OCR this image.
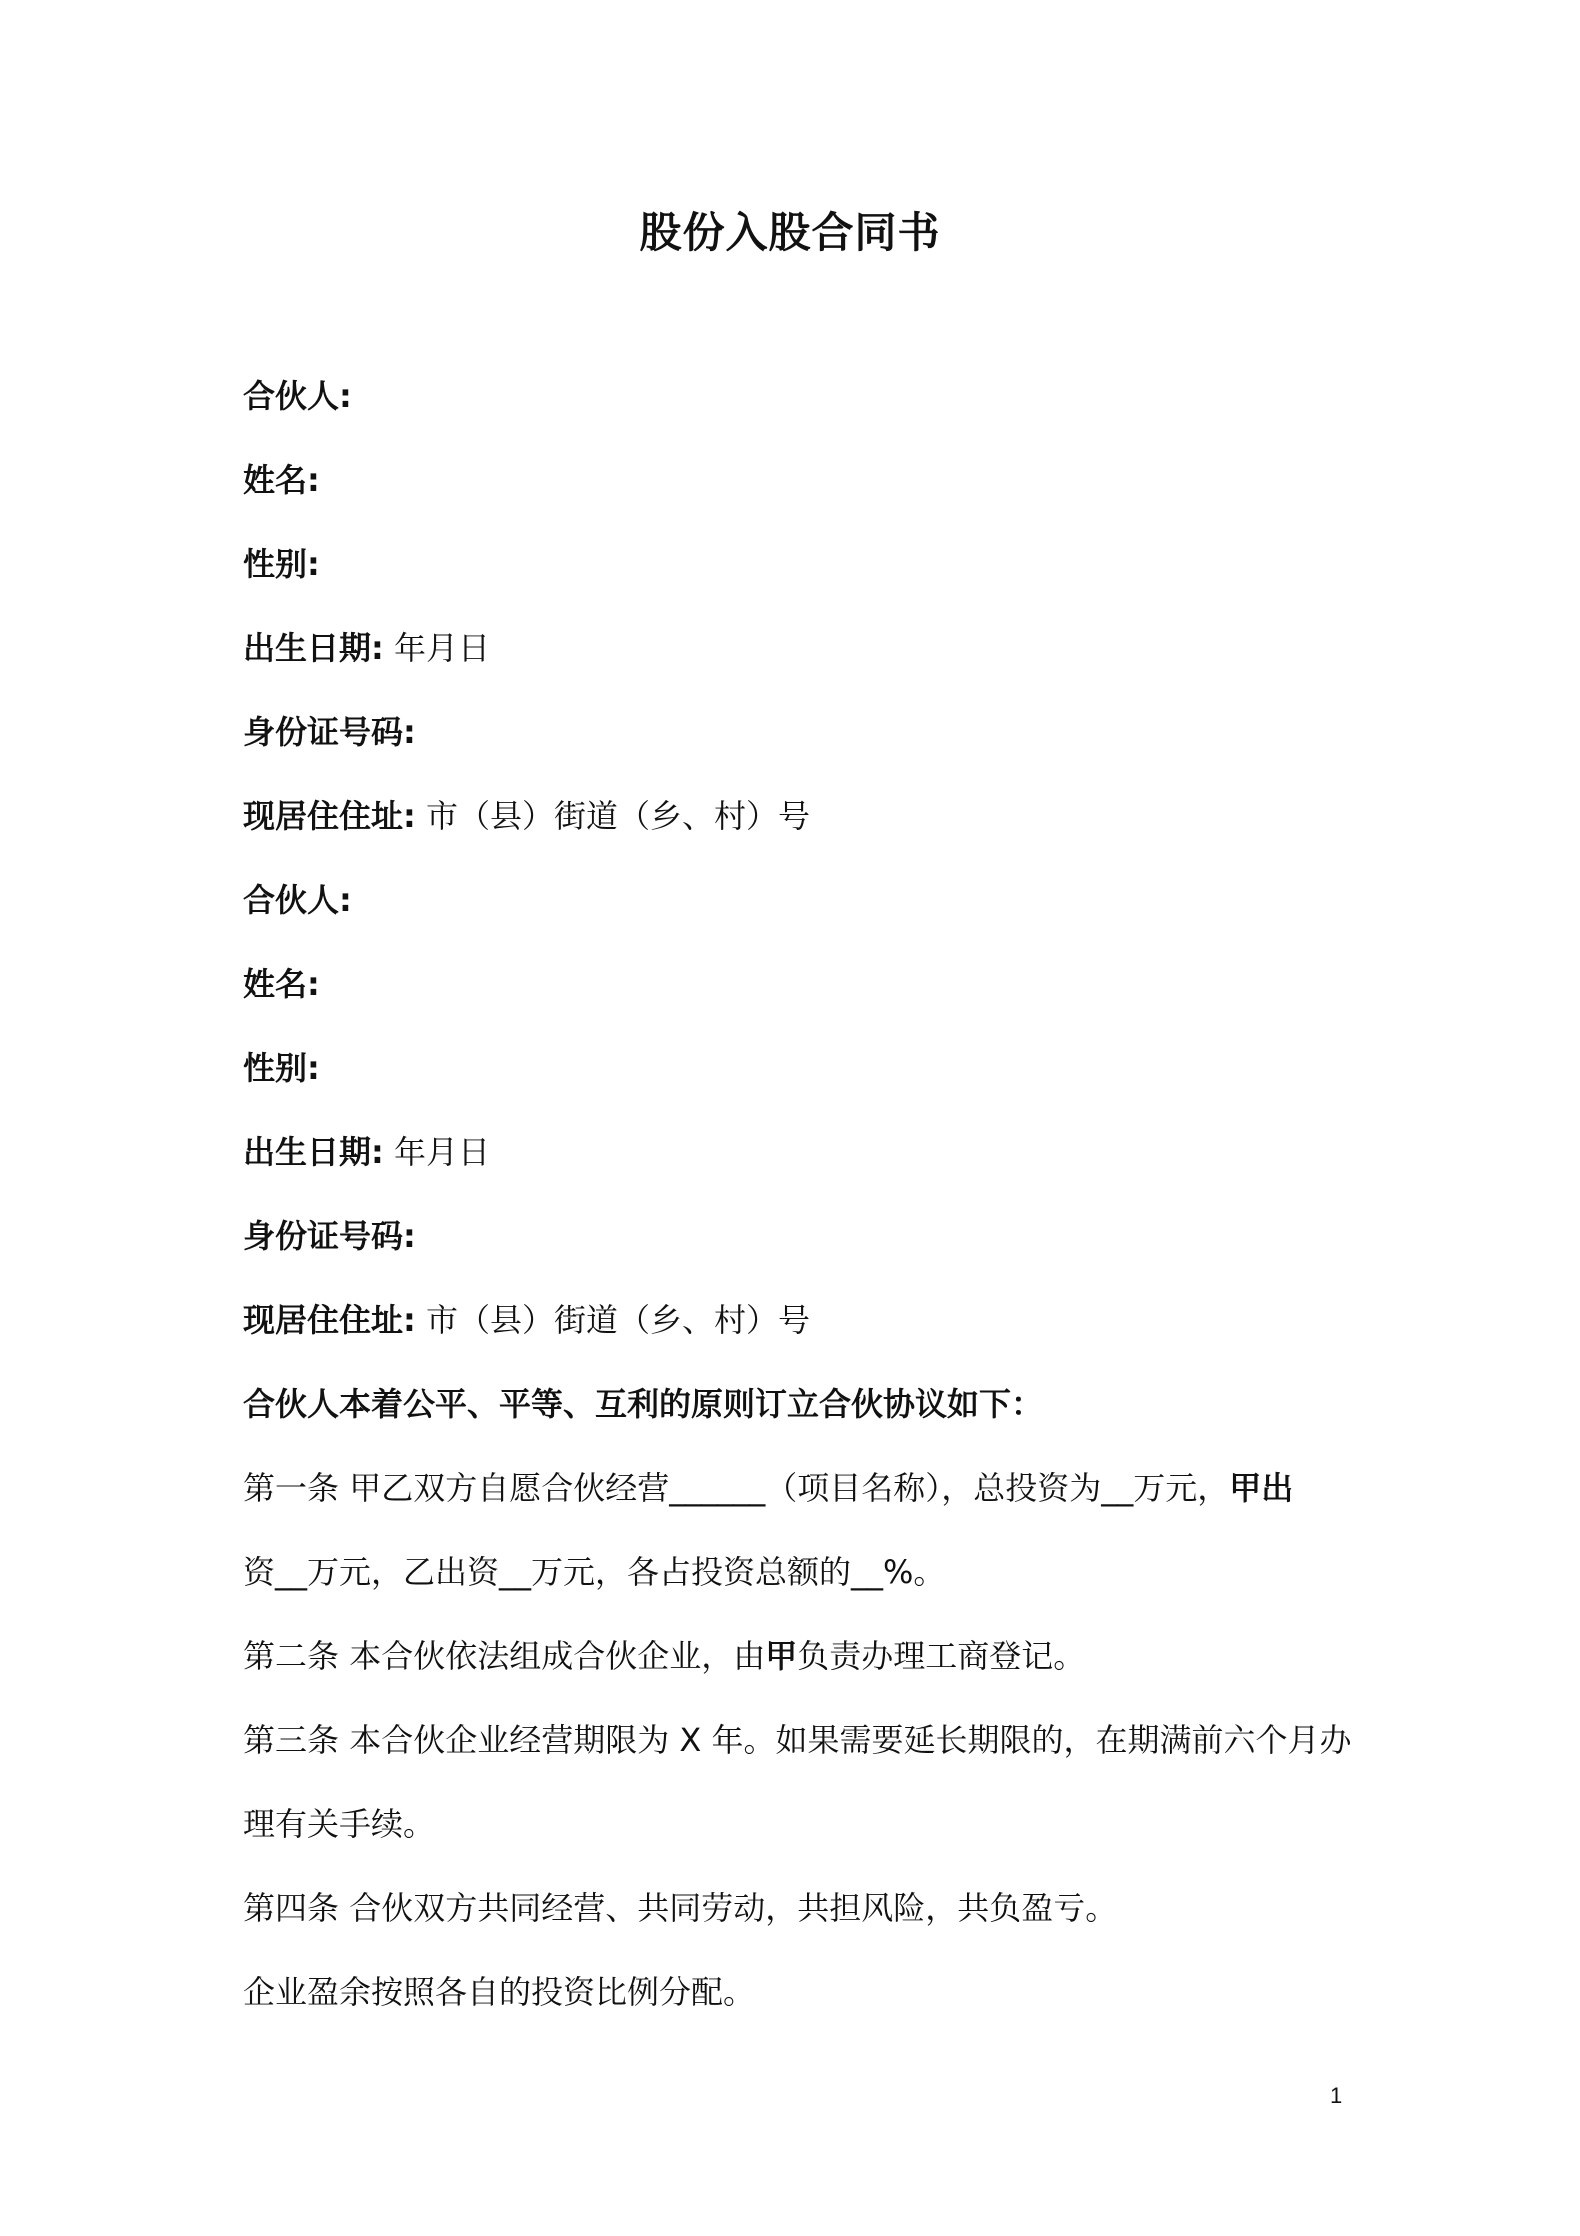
股份入股合同书
合伙人:
姓名:
性别:
出生日期: 年月日
身份证号码:
现居住住址: 市（县）街道（乡、村）号
合伙人:
姓名:
性别:
出生日期: 年月日
身份证号码:
现居住住址: 市（县）街道（乡、村）号
合伙人本着公平、平等、互利的原则订立合伙协议如下：
第一条 甲乙双方自愿合伙经营______（项目名称），总投资为__万元，甲出
资__万元，乙出资__万元，各占投资总额的__%。
第二条 本合伙依法组成合伙企业，由甲负责办理工商登记。
第三条 本合伙企业经营期限为 X 年。如果需要延长期限的，在期满前六个月办
理有关手续。
第四条 合伙双方共同经营、共同劳动，共担风险，共负盈亏。
企业盈余按照各自的投资比例分配。
1
